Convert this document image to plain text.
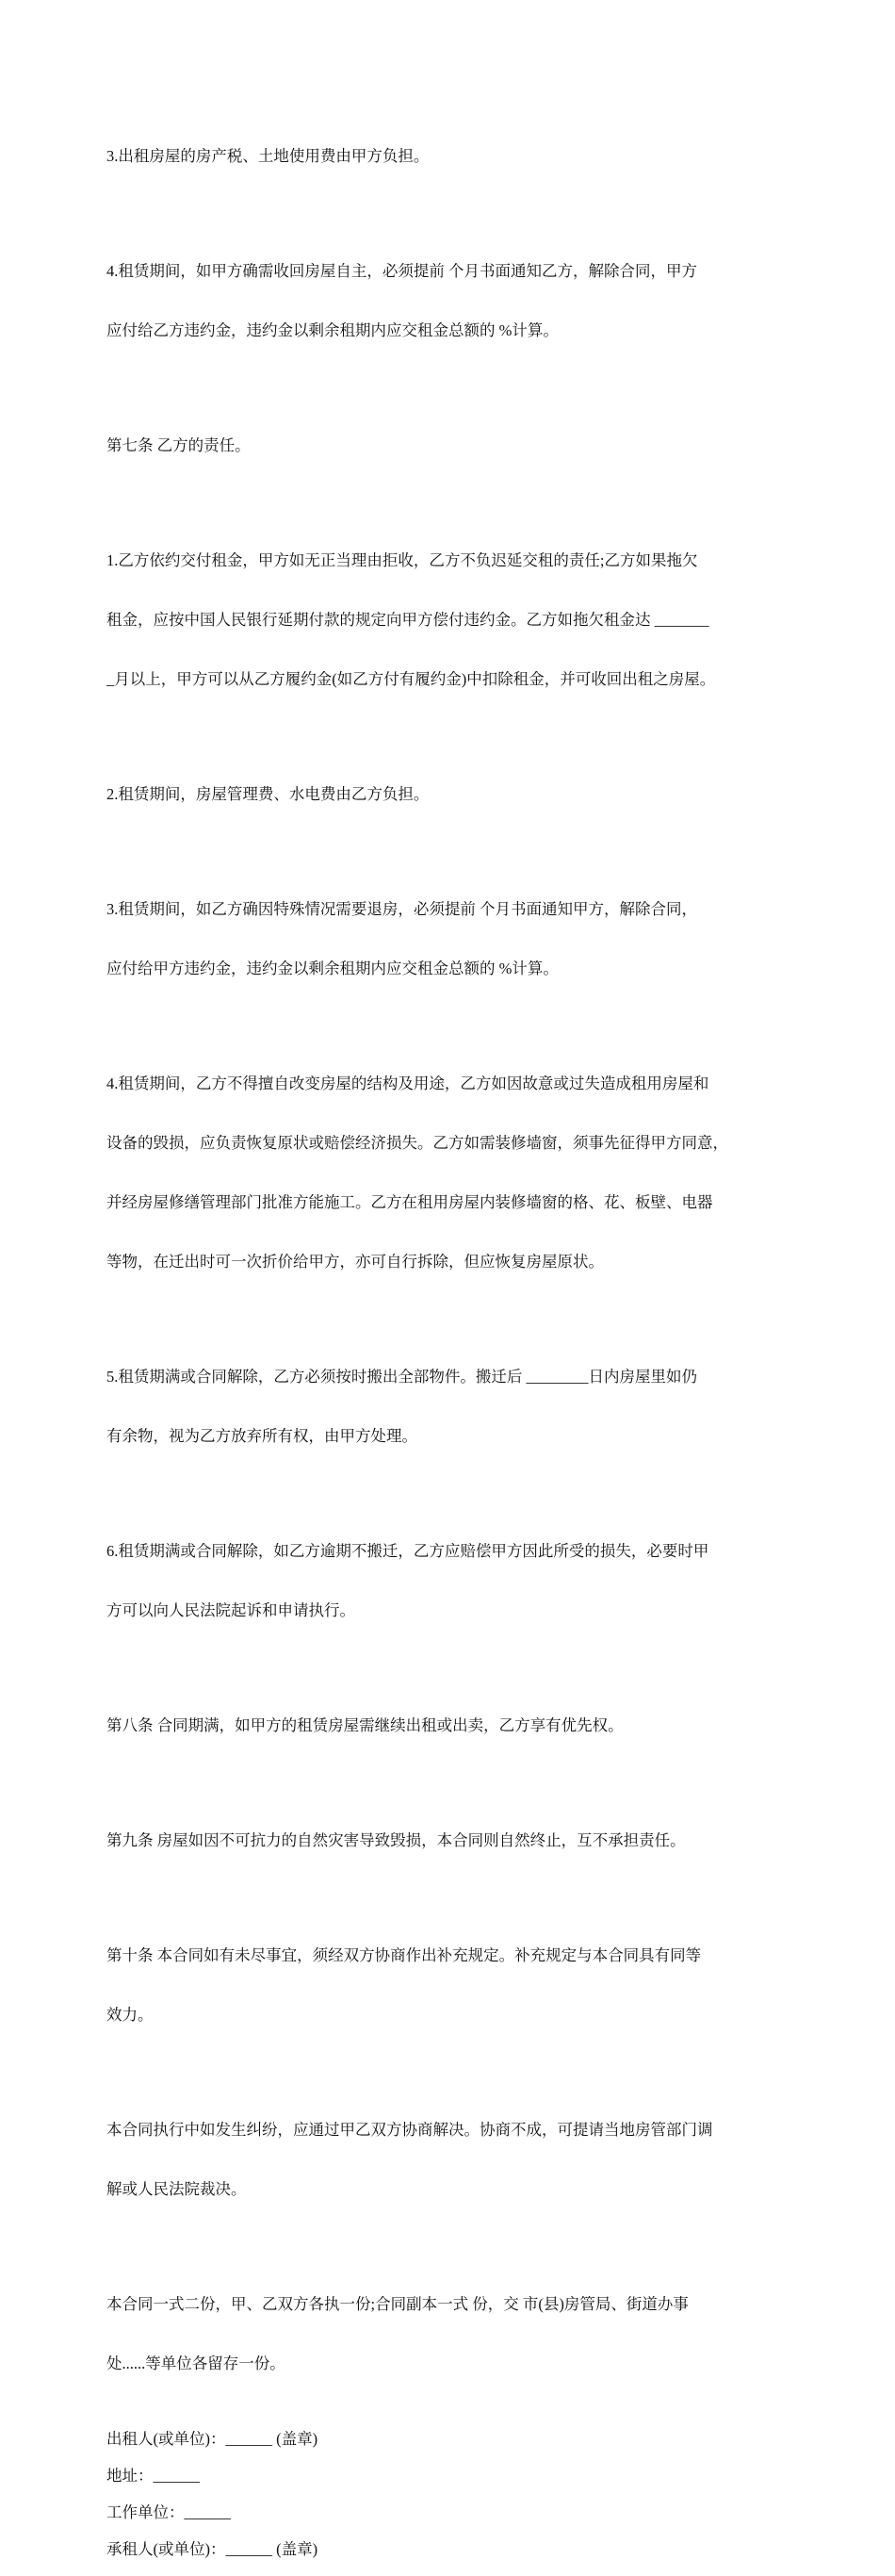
3.出租房屋的房产税、土地使用费由甲方负担。

4.租赁期间，如甲方确需收回房屋自主，必须提前 个月书面通知乙方，解除合同，甲方

应付给乙方违约金，违约金以剩余租期内应交租金总额的 %计算。

第七条 乙方的责任。

1.乙方依约交付租金，甲方如无正当理由拒收，乙方不负迟延交租的责任;乙方如果拖欠

租金，应按中国人民银行延期付款的规定向甲方偿付违约金。乙方如拖欠租金达 _______

_月以上，甲方可以从乙方履约金(如乙方付有履约金)中扣除租金，并可收回出租之房屋。

2.租赁期间，房屋管理费、水电费由乙方负担。

3.租赁期间，如乙方确因特殊情况需要退房，必须提前 个月书面通知甲方，解除合同，

应付给甲方违约金，违约金以剩余租期内应交租金总额的 %计算。

4.租赁期间，乙方不得擅自改变房屋的结构及用途，乙方如因故意或过失造成租用房屋和

设备的毁损，应负责恢复原状或赔偿经济损失。乙方如需装修墙窗，须事先征得甲方同意，

并经房屋修缮管理部门批准方能施工。乙方在租用房屋内装修墙窗的格、花、板壁、电器

等物，在迁出时可一次折价给甲方，亦可自行拆除，但应恢复房屋原状。

5.租赁期满或合同解除，乙方必须按时搬出全部物件。搬迁后 ________日内房屋里如仍

有余物，视为乙方放弃所有权，由甲方处理。

6.租赁期满或合同解除，如乙方逾期不搬迁，乙方应赔偿甲方因此所受的损失，必要时甲

方可以向人民法院起诉和申请执行。

第八条 合同期满，如甲方的租赁房屋需继续出租或出卖，乙方享有优先权。

第九条 房屋如因不可抗力的自然灾害导致毁损，本合同则自然终止，互不承担责任。

第十条 本合同如有未尽事宜，须经双方协商作出补充规定。补充规定与本合同具有同等

效力。

本合同执行中如发生纠纷，应通过甲乙双方协商解决。协商不成，可提请当地房管部门调

解或人民法院裁决。

本合同一式二份，甲、乙双方各执一份;合同副本一式 份，交 市(县)房管局、街道办事

处......等单位各留存一份。

出租人(或单位)：______ (盖章)
地址：______
工作单位：______
承租人(或单位)：______ (盖章)
